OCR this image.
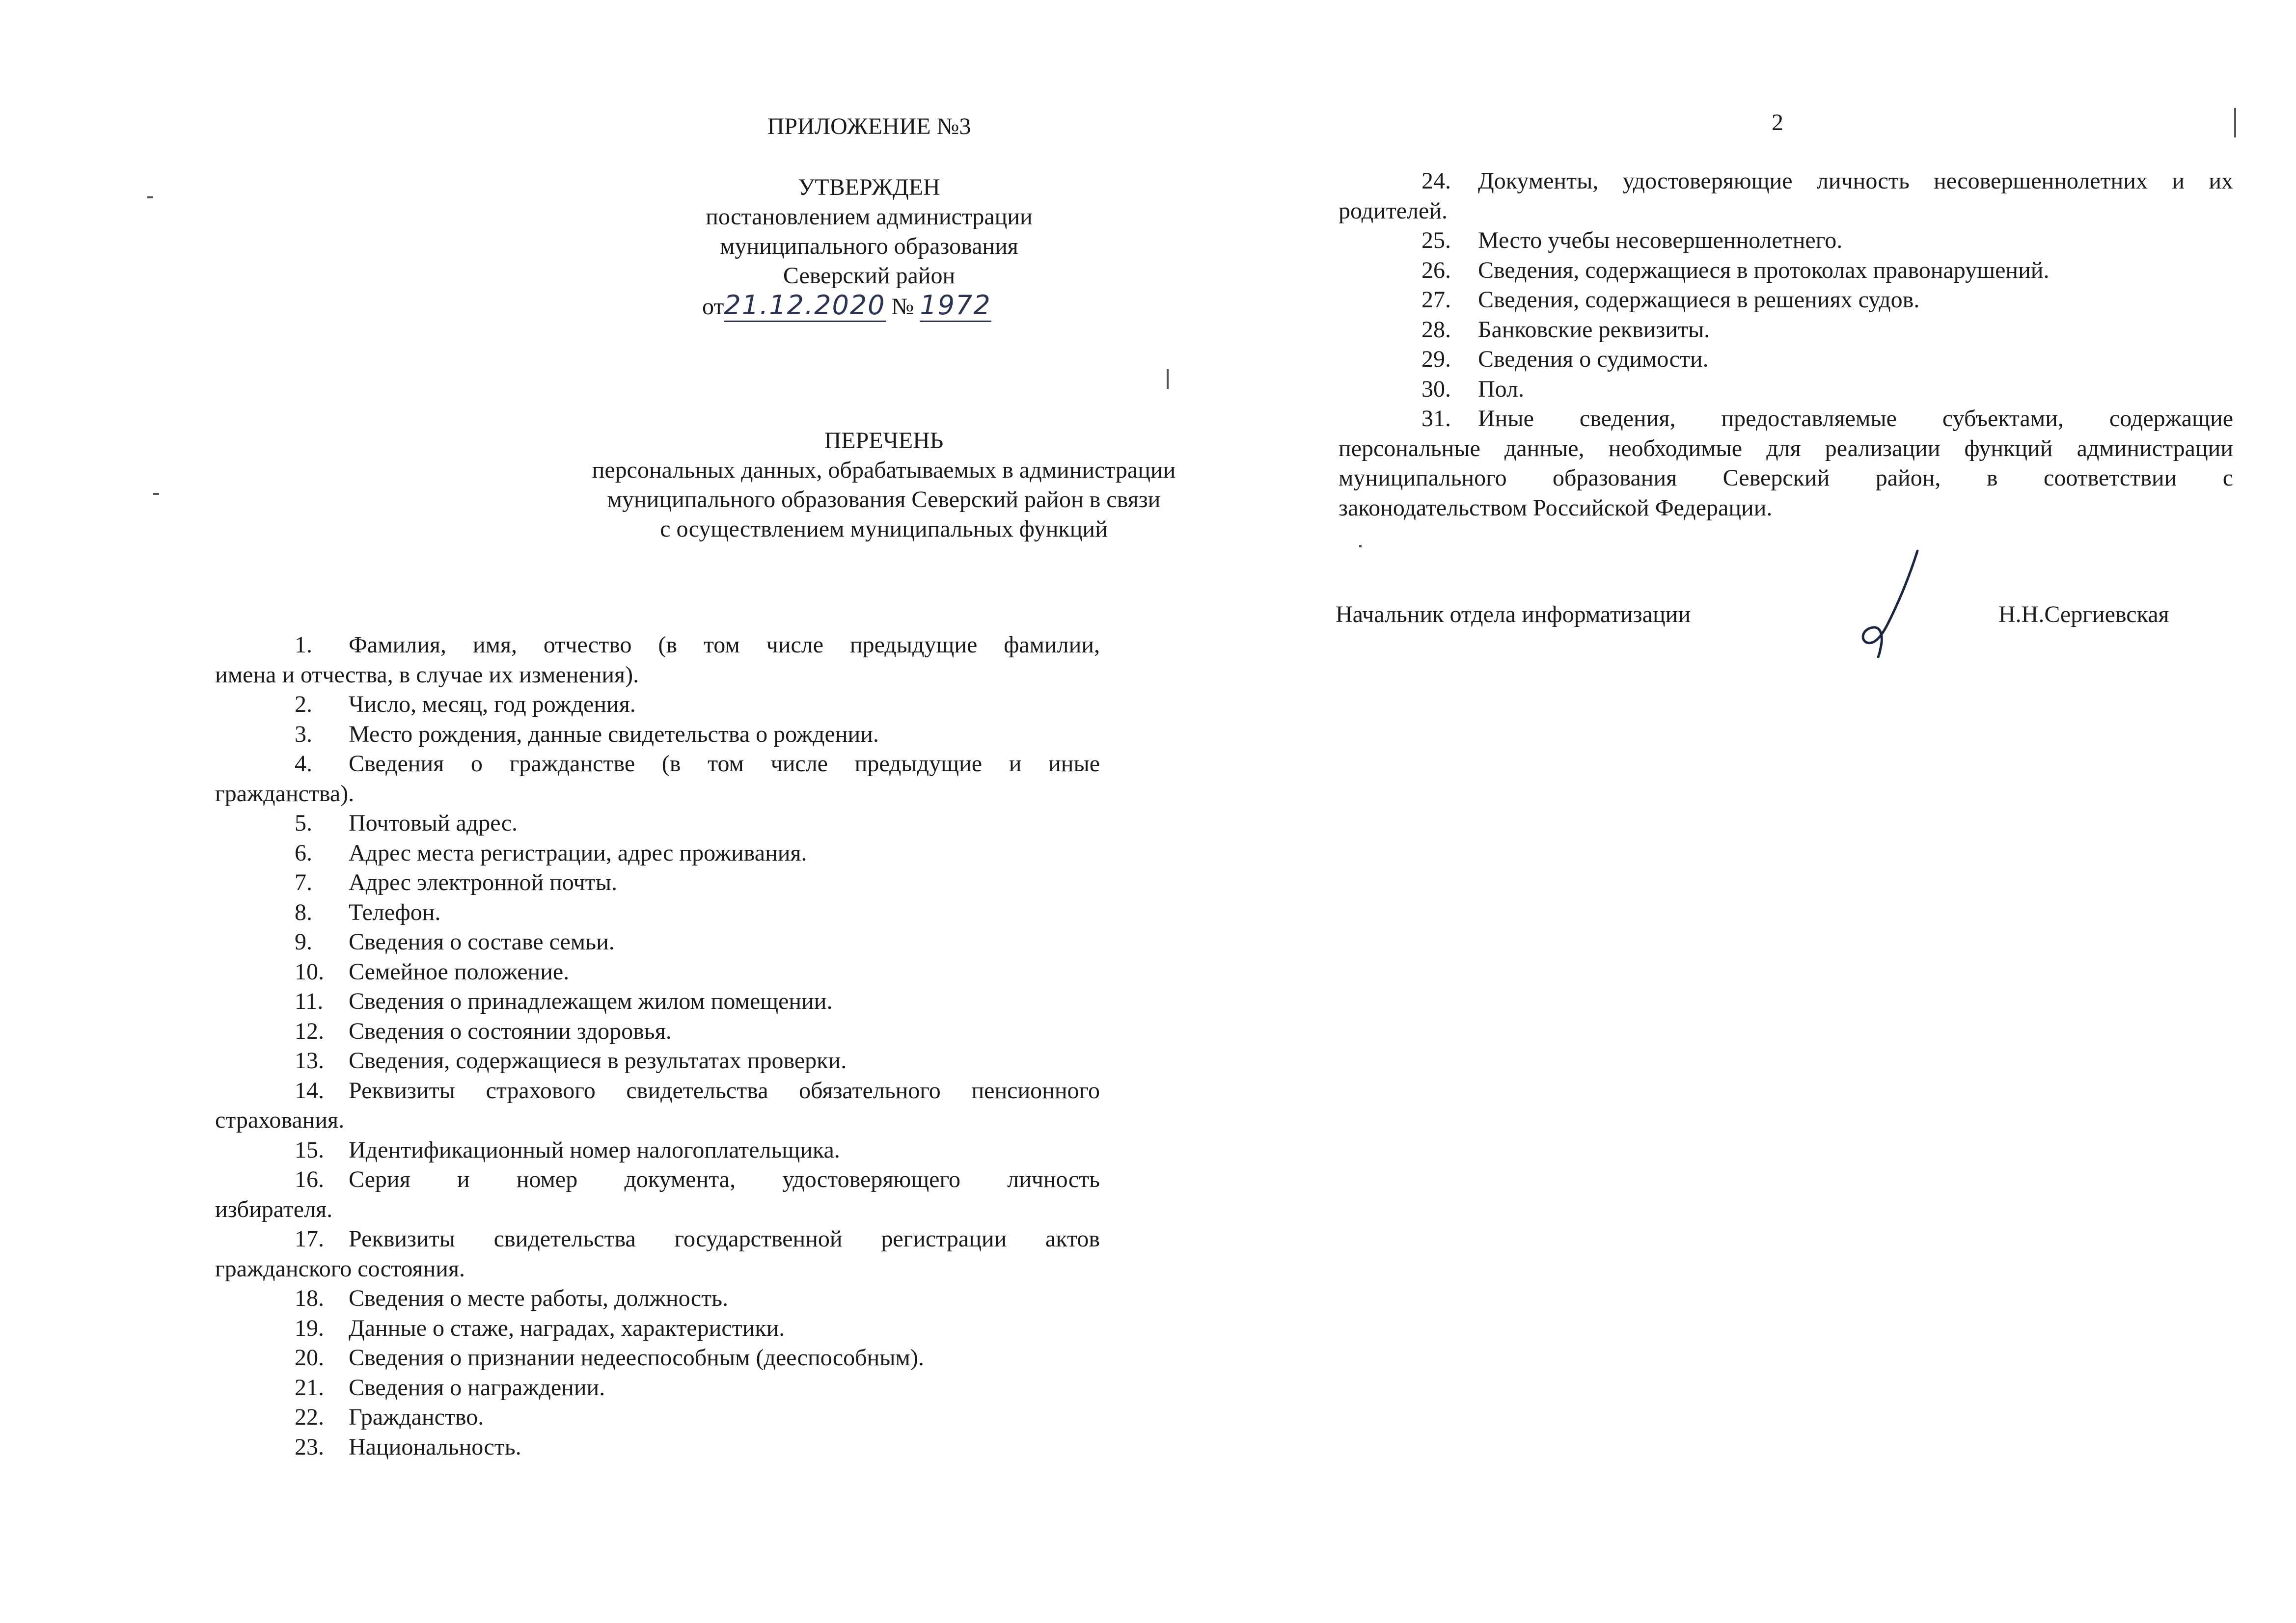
ПРИЛОЖЕНИЕ №3
УТВЕРЖДЕН
постановлением администрации
муниципального образования
Северский район
от21.12.2020 № 1972
ПЕРЕЧЕНЬ
персональных данных, обрабатываемых в администрации
муниципального образования Северский район в связи
с осуществлением муниципальных функций
1. Фамилия, имя, отчество (в том числе предыдущие фамилии,
имена и отчества, в случае их изменения).
2. Число, месяц, год рождения.
3. Место рождения, данные свидетельства о рождении.
4. Сведения о гражданстве (в том числе предыдущие и иные
гражданства).
5. Почтовый адрес.
6. Адрес места регистрации, адрес проживания.
7. Адрес электронной почты.
8. Телефон.
9. Сведения о составе семьи.
10. Семейное положение.
11. Сведения о принадлежащем жилом помещении.
12. Сведения о состоянии здоровья.
13. Сведения, содержащиеся в результатах проверки.
14. Реквизиты страхового свидетельства обязательного пенсионного
страхования.
15. Идентификационный номер налогоплательщика.
16. Серия и номер документа, удостоверяющего личность
избирателя.
17. Реквизиты свидетельства государственной регистрации актов
гражданского состояния.
18. Сведения о месте работы, должность.
19. Данные о стаже, наградах, характеристики.
20. Сведения о признании недееспособным (дееспособным).
21. Сведения о награждении.
22. Гражданство.
23. Национальность.
2
24. Документы, удостоверяющие личность несовершеннолетних и их
родителей.
25. Место учебы несовершеннолетнего.
26. Сведения, содержащиеся в протоколах правонарушений.
27. Сведения, содержащиеся в решениях судов.
28. Банковские реквизиты.
29. Сведения о судимости.
30. Пол.
31. Иные сведения, предоставляемые субъектами, содержащие
персональные данные, необходимые для реализации функций администрации
муниципального образования Северский район, в соответствии с
законодательством Российской Федерации.
Начальник отдела информатизации	Н.Н.Сергиевская
